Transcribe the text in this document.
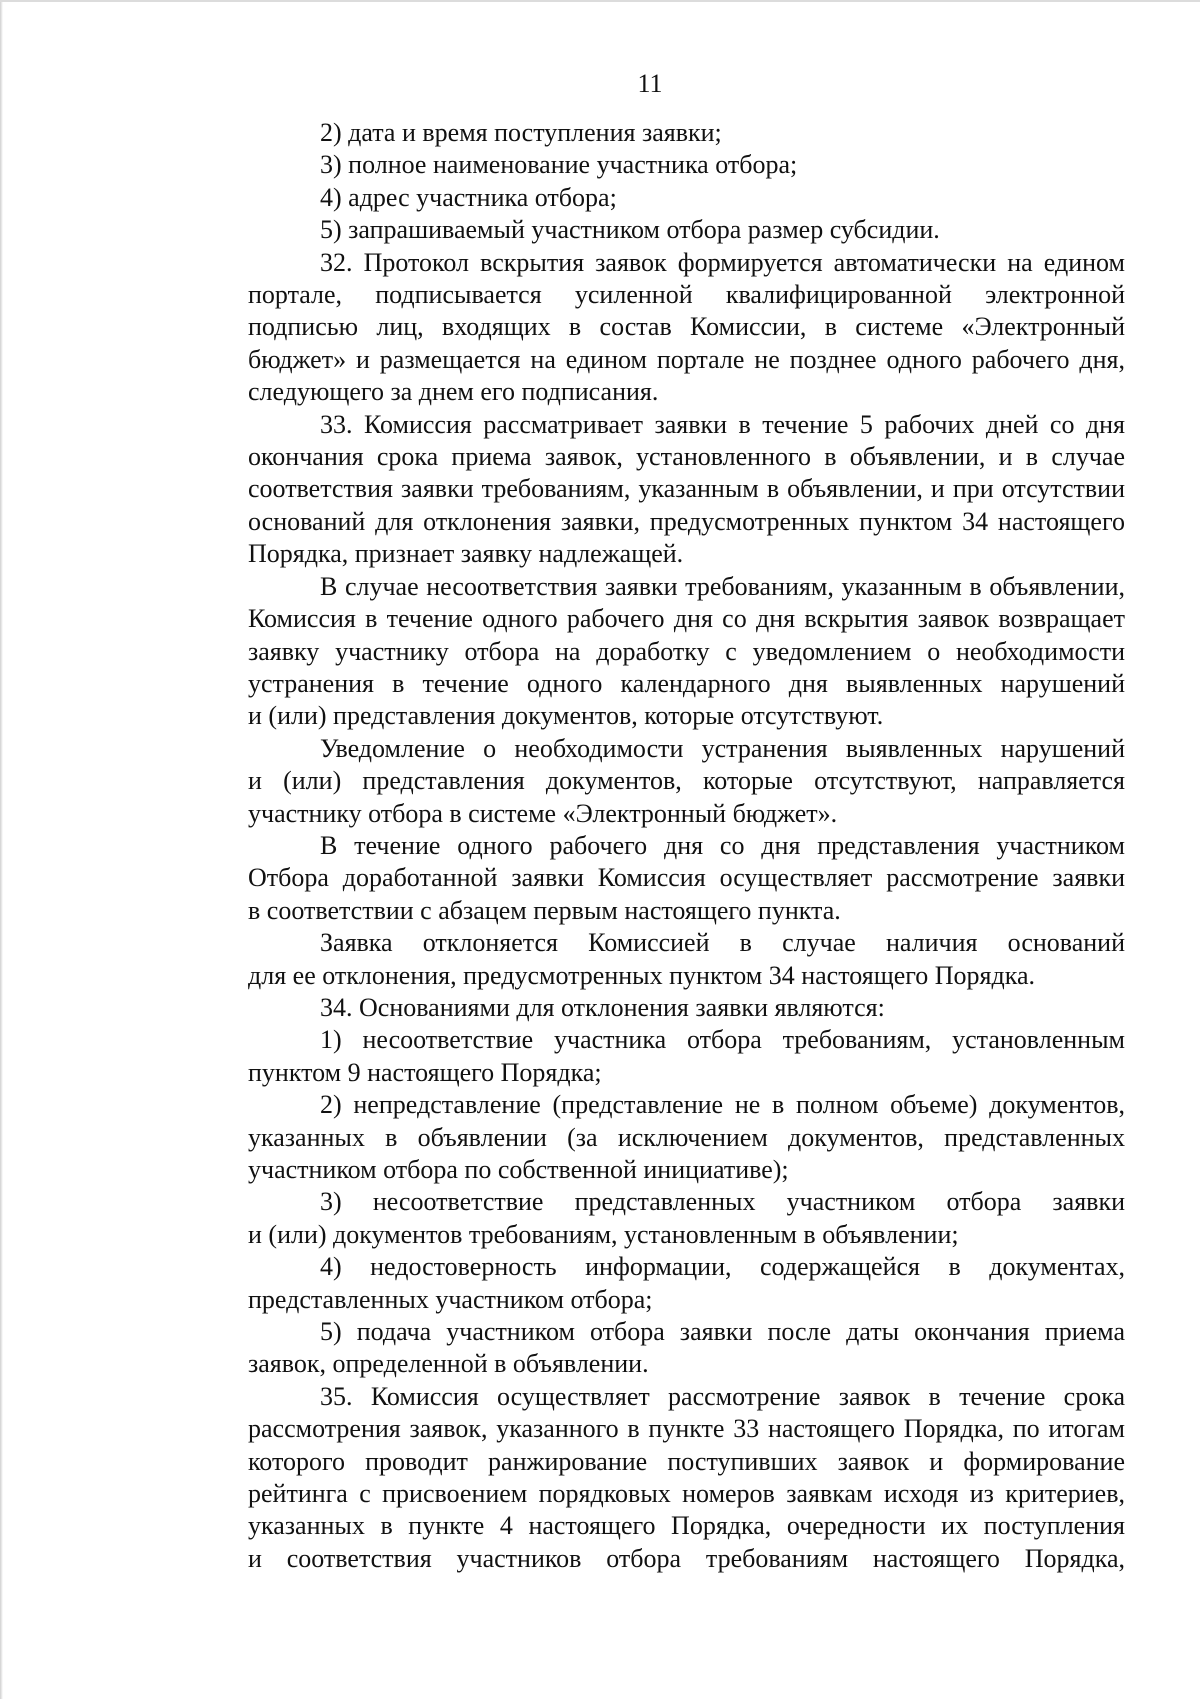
11
2) дата и время поступления заявки;
3) полное наименование участника отбора;
4) адрес участника отбора;
5) запрашиваемый участником отбора размер субсидии.
32. Протокол вскрытия заявок формируется автоматически на едином
портале, подписывается усиленной квалифицированной электронной
подписью лиц, входящих в состав Комиссии, в системе «Электронный
бюджет» и размещается на едином портале не позднее одного рабочего дня,
следующего за днем его подписания.
33. Комиссия рассматривает заявки в течение 5 рабочих дней со дня
окончания срока приема заявок, установленного в объявлении, и в случае
соответствия заявки требованиям, указанным в объявлении, и при отсутствии
оснований для отклонения заявки, предусмотренных пунктом 34 настоящего
Порядка, признает заявку надлежащей.
В случае несоответствия заявки требованиям, указанным в объявлении,
Комиссия в течение одного рабочего дня со дня вскрытия заявок возвращает
заявку участнику отбора на доработку с уведомлением о необходимости
устранения в течение одного календарного дня выявленных нарушений
и (или) представления документов, которые отсутствуют.
Уведомление о необходимости устранения выявленных нарушений
и (или) представления документов, которые отсутствуют, направляется
участнику отбора в системе «Электронный бюджет».
В течение одного рабочего дня со дня представления участником
Отбора доработанной заявки Комиссия осуществляет рассмотрение заявки
в соответствии с абзацем первым настоящего пункта.
Заявка отклоняется Комиссией в случае наличия оснований
для ее отклонения, предусмотренных пунктом 34 настоящего Порядка.
34. Основаниями для отклонения заявки являются:
1) несоответствие участника отбора требованиям, установленным
пунктом 9 настоящего Порядка;
2) непредставление (представление не в полном объеме) документов,
указанных в объявлении (за исключением документов, представленных
участником отбора по собственной инициативе);
3) несоответствие представленных участником отбора заявки
и (или) документов требованиям, установленным в объявлении;
4) недостоверность информации, содержащейся в документах,
представленных участником отбора;
5) подача участником отбора заявки после даты окончания приема
заявок, определенной в объявлении.
35. Комиссия осуществляет рассмотрение заявок в течение срока
рассмотрения заявок, указанного в пункте 33 настоящего Порядка, по итогам
которого проводит ранжирование поступивших заявок и формирование
рейтинга с присвоением порядковых номеров заявкам исходя из критериев,
указанных в пункте 4 настоящего Порядка, очередности их поступления
и соответствия участников отбора требованиям настоящего Порядка,
